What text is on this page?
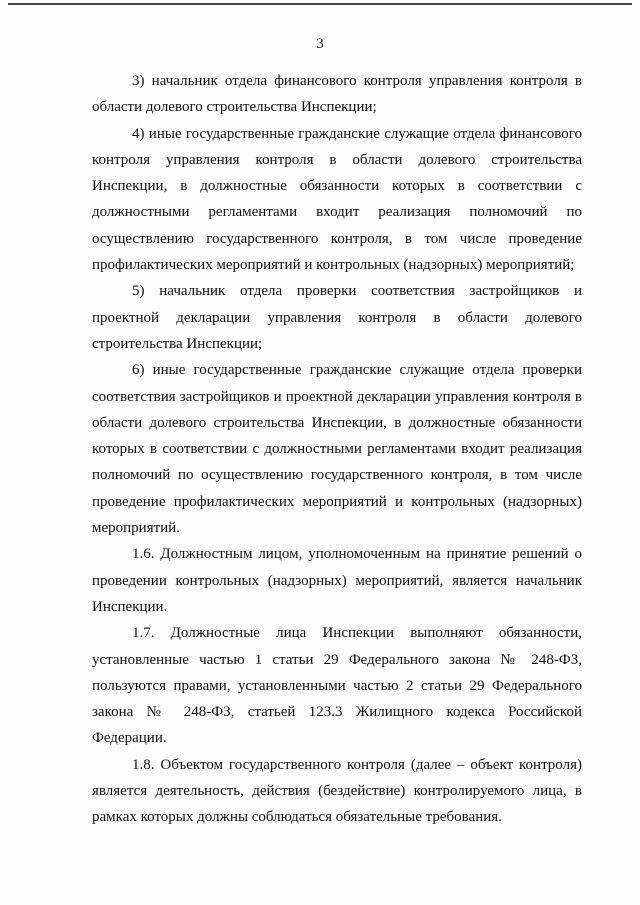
3

3) начальник отдела финансового контроля управления контроля в области долевого строительства Инспекции;

4) иные государственные гражданские служащие отдела финансового контроля управления контроля в области долевого строительства Инспекции, в должностные обязанности которых в соответствии с должностными регламентами входит реализация полномочий по осуществлению государственного контроля, в том числе проведение профилактических мероприятий и контрольных (надзорных) мероприятий;

5) начальник отдела проверки соответствия застройщиков и проектной декларации управления контроля в области долевого строительства Инспекции;

6) иные государственные гражданские служащие отдела проверки соответствия застройщиков и проектной декларации управления контроля в области долевого строительства Инспекции, в должностные обязанности которых в соответствии с должностными регламентами входит реализация полномочий по осуществлению государственного контроля, в том числе проведение профилактических мероприятий и контрольных (надзорных) мероприятий.

1.6. Должностным лицом, уполномоченным на принятие решений о проведении контрольных (надзорных) мероприятий, является начальник Инспекции.

1.7. Должностные лица Инспекции выполняют обязанности, установленные частью 1 статьи 29 Федерального закона № 248-ФЗ, пользуются правами, установленными частью 2 статьи 29 Федерального закона № 248-ФЗ, статьей 123.3 Жилищного кодекса Российской Федерации.

1.8. Объектом государственного контроля (далее – объект контроля) является деятельность, действия (бездействие) контролируемого лица, в рамках которых должны соблюдаться обязательные требования.
